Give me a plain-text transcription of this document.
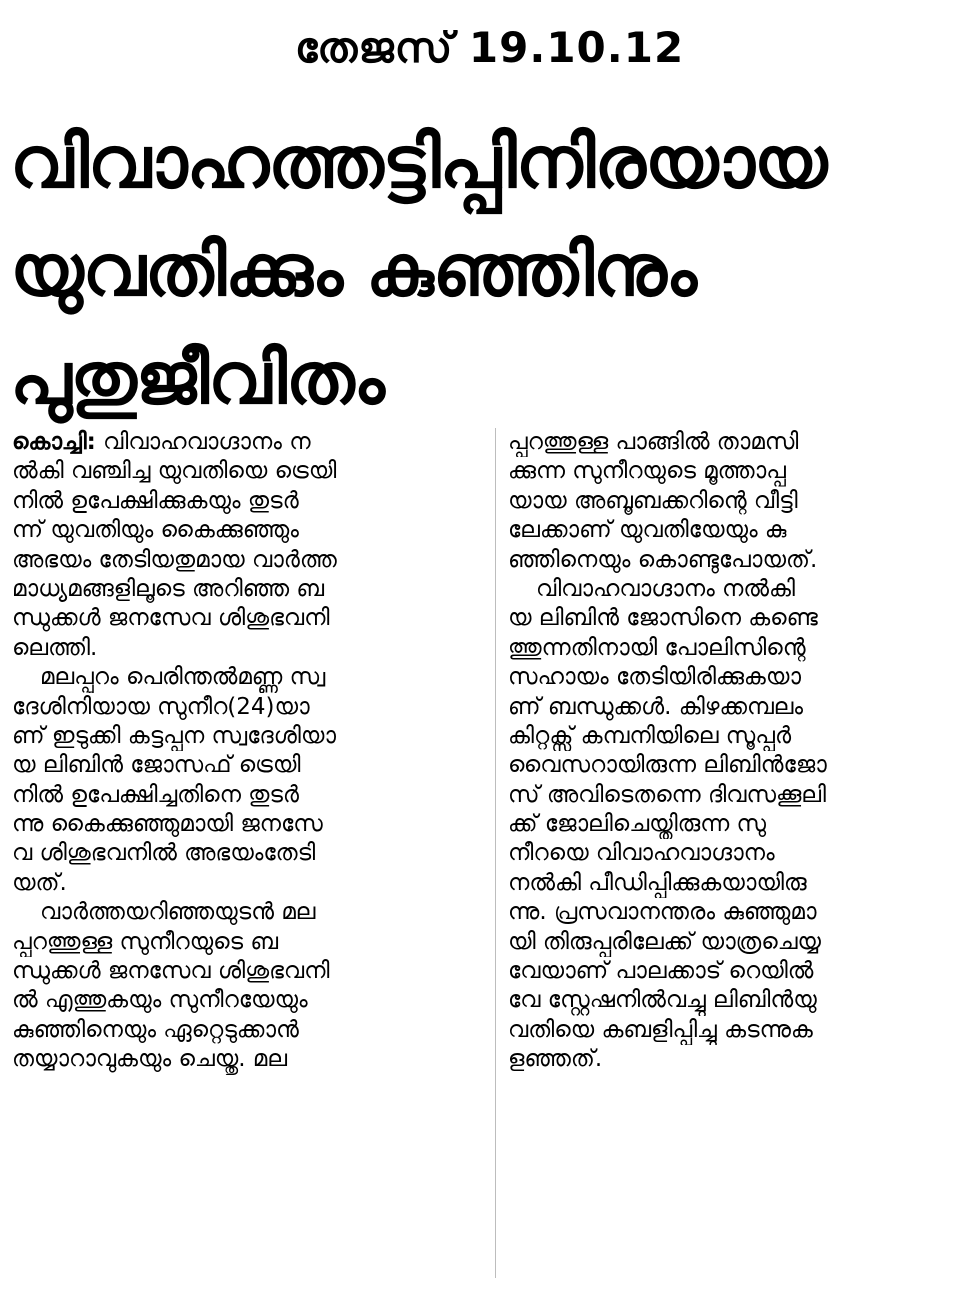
തേജസ് 19.10.12
വിവാഹത്തട്ടിപ്പിനിരയായ
യുവതിക്കും കുഞ്ഞിനും
പുതുജീവിതം
കൊച്ചി: വിവാഹവാഗ്ദാനം ന
ല്‍കി വഞ്ചിച്ച യുവതിയെ ട്രെയി
നില്‍ ഉപേക്ഷിക്കുകയും തുടര്‍
ന്ന് യുവതിയും കൈക്കുഞ്ഞും
അഭയം തേടിയതുമായ വാര്‍ത്ത
മാധ്യമങ്ങളിലൂടെ അറിഞ്ഞ ബ
ന്ധുക്കള്‍ ജനസേവ ശിശുഭവനി
ലെത്തി.
മലപ്പുറം പെരിന്തല്‍മണ്ണ സ്വ
ദേശിനിയായ സുനീറ(24)യാ
ണ് ഇടുക്കി കട്ടപ്പന സ്വദേശിയാ
യ ലിബിന്‍ ജോസഫ് ട്രെയി
നില്‍ ഉപേക്ഷിച്ചതിനെ തുടര്‍
ന്നു കൈക്കുഞ്ഞുമായി ജനസേ
വ ശിശുഭവനില്‍ അഭയംതേടി
യത്.
വാര്‍ത്തയറിഞ്ഞയുടന്‍ മല
പ്പുറത്തുള്ള സുനീറയുടെ ബ
ന്ധുക്കള്‍ ജനസേവ ശിശുഭവനി
ല്‍ എത്തുകയും സുനീറയേയും
കുഞ്ഞിനെയും ഏറ്റെടുക്കാന്‍
തയ്യാറാവുകയും ചെയ്തു. മല
പ്പുറത്തുള്ള പാങ്ങില്‍ താമസി
ക്കുന്ന സുനീറയുടെ മൂത്താപ്പ
യായ അബൂബക്കറിന്റെ വീട്ടി
ലേക്കാണ് യുവതിയേയും കു
ഞ്ഞിനെയും കൊണ്ടുപോയത്.
വിവാഹവാഗ്ദാനം നല്‍കി
യ ലിബിന്‍ ജോസിനെ കണ്ടെ
ത്തുന്നതിനായി പോലിസിന്റെ
സഹായം തേടിയിരിക്കുകയാ
ണ് ബന്ധുക്കള്‍. കിഴക്കമ്പലം
കിറ്റക്സ് കമ്പനിയിലെ സൂപ്പര്‍
വൈസറായിരുന്ന ലിബിന്‍ജോ
സ് അവിടെതന്നെ ദിവസക്കൂലി
ക്ക് ജോലിചെയ്തിരുന്ന സു
നീറയെ വിവാഹവാഗ്ദാനം
നല്‍കി പീഡിപ്പിക്കുകയായിരു
ന്നു. പ്രസവാനന്തരം കുഞ്ഞുമാ
യി തിരുപ്പൂരിലേക്ക് യാത്രചെയ്യ
വേയാണ് പാലക്കാട് റെയില്‍
വേ സ്റ്റേഷനില്‍വച്ചു ലിബിന്‍യു
വതിയെ കബളിപ്പിച്ചു കടന്നുക
ളഞ്ഞത്.
